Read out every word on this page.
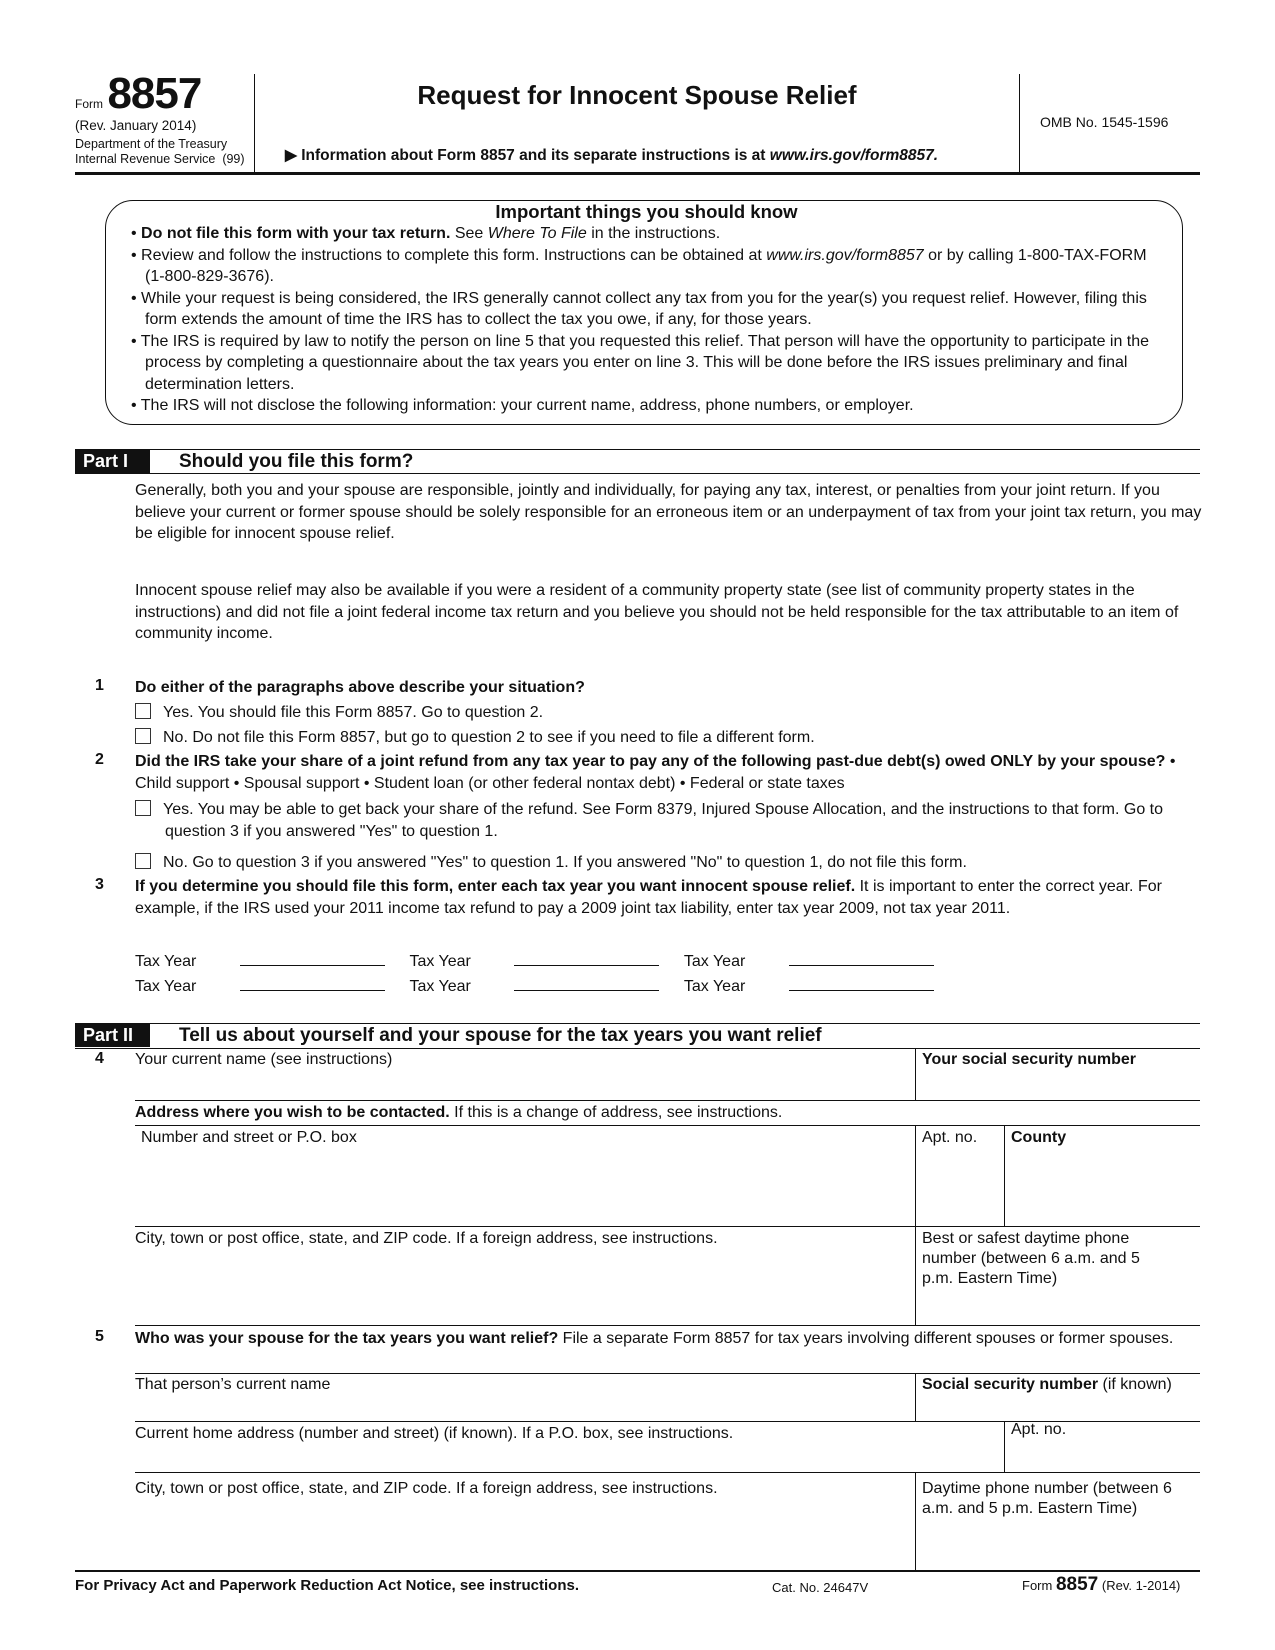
Form 8857
(Rev. January 2014)
Department of the Treasury
Internal Revenue Service (99)
Request for Innocent Spouse Relief
▶ Information about Form 8857 and its separate instructions is at www.irs.gov/form8857.
OMB No. 1545-1596
Important things you should know
• Do not file this form with your tax return. See Where To File in the instructions.
• Review and follow the instructions to complete this form. Instructions can be obtained at www.irs.gov/form8857 or by calling 1-800-TAX-FORM (1-800-829-3676).
• While your request is being considered, the IRS generally cannot collect any tax from you for the year(s) you request relief. However, filing this form extends the amount of time the IRS has to collect the tax you owe, if any, for those years.
• The IRS is required by law to notify the person on line 5 that you requested this relief. That person will have the opportunity to participate in the process by completing a questionnaire about the tax years you enter on line 3. This will be done before the IRS issues preliminary and final determination letters.
• The IRS will not disclose the following information: your current name, address, phone numbers, or employer.
Part I	Should you file this form?
Generally, both you and your spouse are responsible, jointly and individually, for paying any tax, interest, or penalties from your joint return. If you believe your current or former spouse should be solely responsible for an erroneous item or an underpayment of tax from your joint tax return, you may be eligible for innocent spouse relief.
Innocent spouse relief may also be available if you were a resident of a community property state (see list of community property states in the instructions) and did not file a joint federal income tax return and you believe you should not be held responsible for the tax attributable to an item of community income.
1 Do either of the paragraphs above describe your situation?
Yes. You should file this Form 8857. Go to question 2.
No. Do not file this Form 8857, but go to question 2 to see if you need to file a different form.
2 Did the IRS take your share of a joint refund from any tax year to pay any of the following past-due debt(s) owed ONLY by your spouse? • Child support • Spousal support • Student loan (or other federal nontax debt) • Federal or state taxes
Yes. You may be able to get back your share of the refund. See Form 8379, Injured Spouse Allocation, and the instructions to that form. Go to question 3 if you answered "Yes" to question 1.
No. Go to question 3 if you answered "Yes" to question 1. If you answered "No" to question 1, do not file this form.
3 If you determine you should file this form, enter each tax year you want innocent spouse relief. It is important to enter the correct year. For example, if the IRS used your 2011 income tax refund to pay a 2009 joint tax liability, enter tax year 2009, not tax year 2011.
Tax Year	Tax Year	Tax Year
Tax Year	Tax Year	Tax Year
Part II	Tell us about yourself and your spouse for the tax years you want relief
4	Your current name (see instructions)	Your social security number
Address where you wish to be contacted. If this is a change of address, see instructions.
Number and street or P.O. box	Apt. no.	County
City, town or post office, state, and ZIP code. If a foreign address, see instructions.	Best or safest daytime phone number (between 6 a.m. and 5 p.m. Eastern Time)
5 Who was your spouse for the tax years you want relief? File a separate Form 8857 for tax years involving different spouses or former spouses.
That person’s current name	Social security number (if known)
Current home address (number and street) (if known). If a P.O. box, see instructions.	Apt. no.
City, town or post office, state, and ZIP code. If a foreign address, see instructions.	Daytime phone number (between 6 a.m. and 5 p.m. Eastern Time)
For Privacy Act and Paperwork Reduction Act Notice, see instructions.	Cat. No. 24647V	Form 8857 (Rev. 1-2014)
